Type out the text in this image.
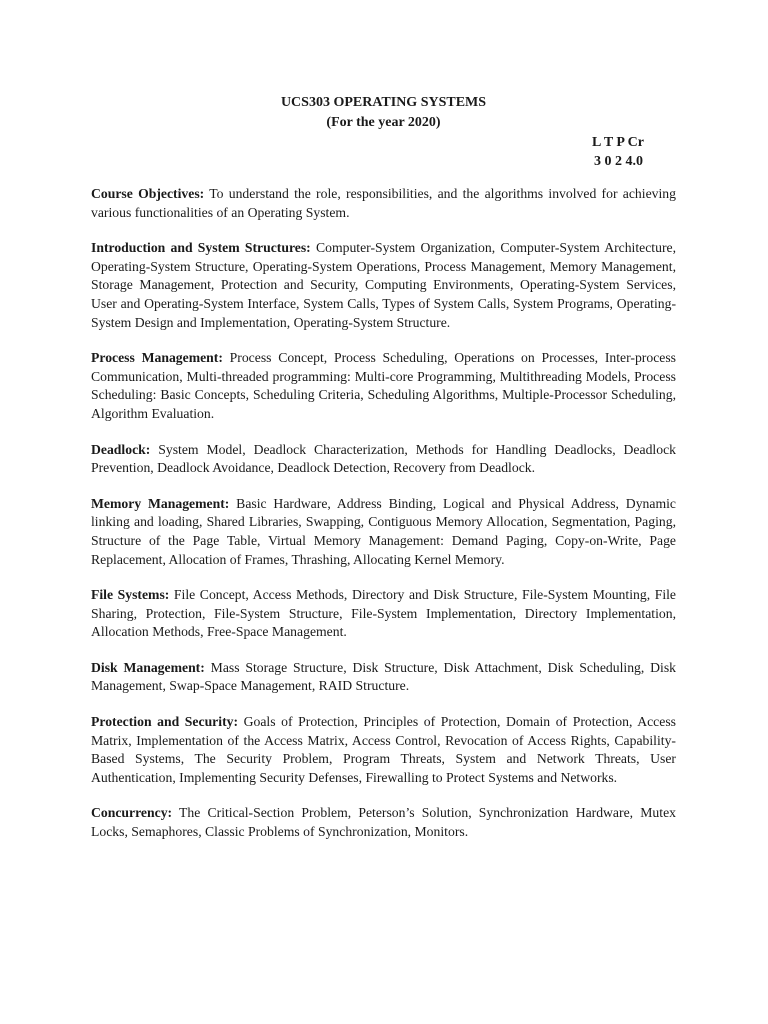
UCS303 OPERATING SYSTEMS

(For the year 2020)

L T P Cr

3 0 2 4.0

Course Objectives: To understand the role, responsibilities, and the algorithms involved for achieving various functionalities of an Operating System.

Introduction and System Structures: Computer-System Organization, Computer-System Architecture, Operating-System Structure, Operating-System Operations, Process Management, Memory Management, Storage Management, Protection and Security, Computing Environments, Operating-System Services, User and Operating-System Interface, System Calls, Types of System Calls, System Programs, Operating-System Design and Implementation, Operating-System Structure.

Process Management: Process Concept, Process Scheduling, Operations on Processes, Inter-process Communication, Multi-threaded programming: Multi-core Programming, Multithreading Models, Process Scheduling: Basic Concepts, Scheduling Criteria, Scheduling Algorithms, Multiple-Processor Scheduling, Algorithm Evaluation.

Deadlock: System Model, Deadlock Characterization, Methods for Handling Deadlocks, Deadlock Prevention, Deadlock Avoidance, Deadlock Detection, Recovery from Deadlock.

Memory Management: Basic Hardware, Address Binding, Logical and Physical Address, Dynamic linking and loading, Shared Libraries, Swapping, Contiguous Memory Allocation, Segmentation, Paging, Structure of the Page Table, Virtual Memory Management: Demand Paging, Copy-on-Write, Page Replacement, Allocation of Frames, Thrashing, Allocating Kernel Memory.

File Systems: File Concept, Access Methods, Directory and Disk Structure, File-System Mounting, File Sharing, Protection, File-System Structure, File-System Implementation, Directory Implementation, Allocation Methods, Free-Space Management.

Disk Management: Mass Storage Structure, Disk Structure, Disk Attachment, Disk Scheduling, Disk Management, Swap-Space Management, RAID Structure.

Protection and Security: Goals of Protection, Principles of Protection, Domain of Protection, Access Matrix, Implementation of the Access Matrix, Access Control, Revocation of Access Rights, Capability-Based Systems, The Security Problem, Program Threats, System and Network Threats, User Authentication, Implementing Security Defenses, Firewalling to Protect Systems and Networks.

Concurrency: The Critical-Section Problem, Peterson’s Solution, Synchronization Hardware, Mutex Locks, Semaphores, Classic Problems of Synchronization, Monitors.
